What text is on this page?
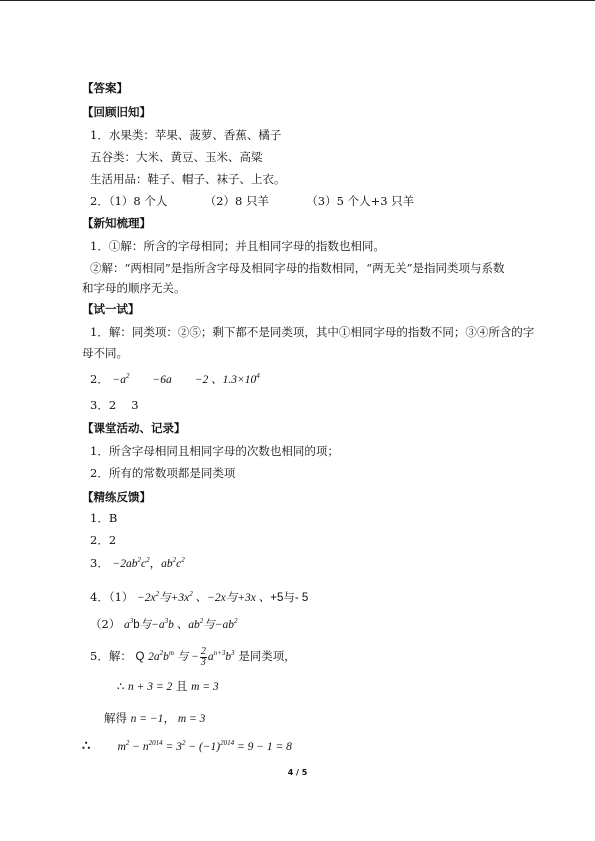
【答案】
【回顾旧知】
1．水果类：苹果、菠萝、香蕉、橘子
五谷类：大米、黄豆、玉米、高粱
生活用品：鞋子、帽子、袜子、上衣。
2．（1）8 个人	（2）8 只羊	（3）5 个人+3 只羊
【新知梳理】
1．①解：所含的字母相同；并且相同字母的指数也相同。
②解：“两相同”是指所含字母及相同字母的指数相同，“两无关”是指同类项与系数
和字母的顺序无关。
【试一试】
1．解：同类项：②⑤；剩下都不是同类项，其中①相同字母的指数不同；③④所含的字
母不同。
2． $-a^2$　　−6a　　−2 、$1.3\times 10^4$
3．2　 3
【课堂活动、记录】
1．所含字母相同且相同字母的次数也相同的项；
2．所有的常数项都是同类项
【精练反馈】
1．B
2．2
3． $-2ab^2c^2$，$ab^2c^2$
4．$(1) -2x^2$与$+3x^2$ 、−2x与+3x 、+5与- 5
（2） $a^3b$与$-a^3b$ 、$ab^2$与$-ab^2$
5．解： Q $2a^2b^m$ 与 − $\frac{2}{3} a^{n+3}b^3$ 是同类项，
∴ n + 3 = 2 且 m = 3
解得 n = −1， m = 3
∴ $m^2 - n^{2014} = 3^2 - (-1)^{2014} = 9 - 1 = 8$
4 / 5
